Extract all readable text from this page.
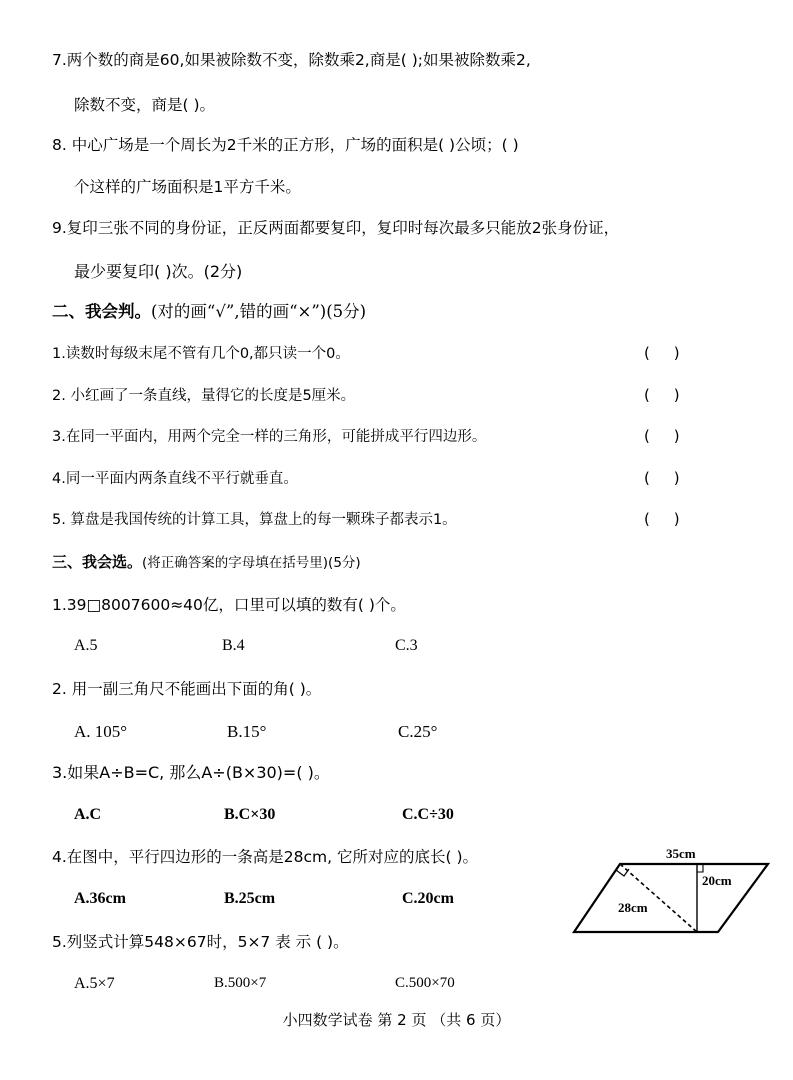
7.两个数的商是60,如果被除数不变，除数乘2,商是( );如果被除数乘2,
除数不变，商是( )。
8. 中心广场是一个周长为2千米的正方形，广场的面积是( )公顷；( )
个这样的广场面积是1平方千米。
9.复印三张不同的身份证，正反两面都要复印，复印时每次最多只能放2张身份证，
最少要复印( )次。(2分)
二、我会判。(对的画“√”,错的画“×”)(5分)
1.读数时每级末尾不管有几个0,都只读一个0。	(     )
2. 小红画了一条直线，量得它的长度是5厘米。	(     )
3.在同一平面内，用两个完全一样的三角形，可能拼成平行四边形。	(     )
4.同一平面内两条直线不平行就垂直。	(     )
5. 算盘是我国传统的计算工具，算盘上的每一颗珠子都表示1。	(     )
三、我会选。(将正确答案的字母填在括号里)(5分)
1.39□8007600≈40亿，口里可以填的数有( )个。
A.5	B.4	C.3
2. 用一副三角尺不能画出下面的角( )。
A. 105°	B.15°	C.25°
3.如果A÷B=C, 那么A÷(B×30)=( )。
A.C	B.C×30	C.C÷30
4.在图中，平行四边形的一条高是28cm, 它所对应的底长( )。
A.36cm	B.25cm	C.20cm
5.列竖式计算548×67时，5×7 表 示 ( )。
A.5×7	B.500×7	C.500×70
35cm
20cm
28cm
小四数学试卷 第 2 页 （共 6 页）
